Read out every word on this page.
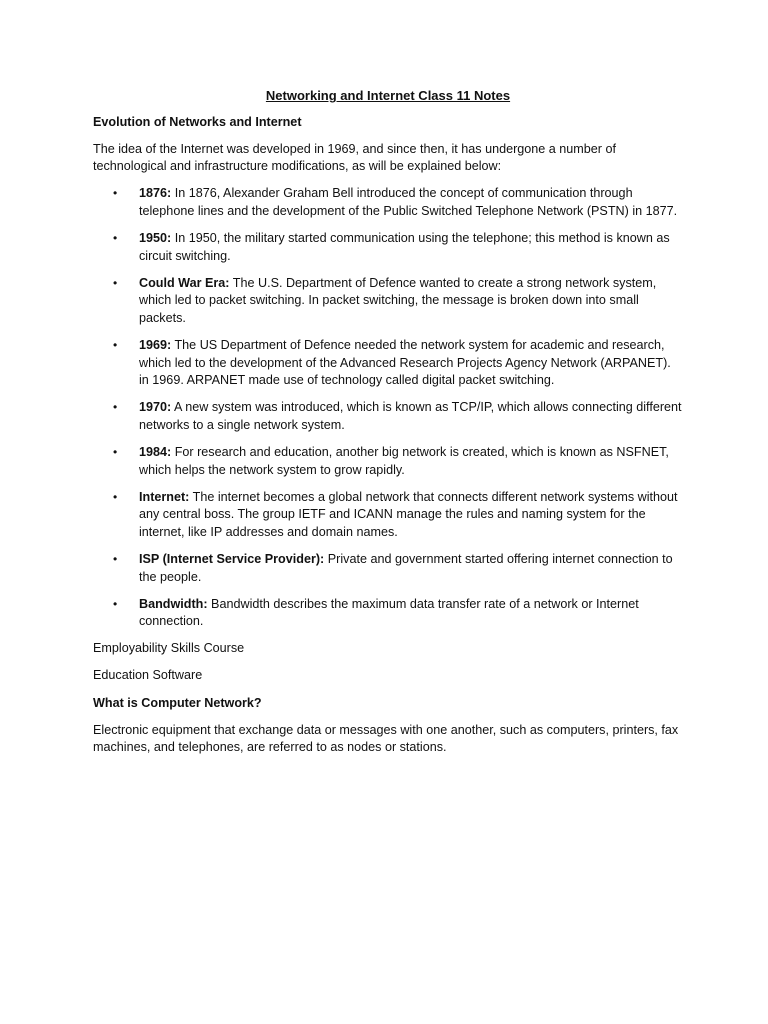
Networking and Internet Class 11 Notes
Evolution of Networks and Internet
The idea of the Internet was developed in 1969, and since then, it has undergone a number of technological and infrastructure modifications, as will be explained below:
• 1876: In 1876, Alexander Graham Bell introduced the concept of communication through telephone lines and the development of the Public Switched Telephone Network (PSTN) in 1877.
• 1950: In 1950, the military started communication using the telephone; this method is known as circuit switching.
• Could War Era: The U.S. Department of Defence wanted to create a strong network system, which led to packet switching. In packet switching, the message is broken down into small packets.
• 1969: The US Department of Defence needed the network system for academic and research, which led to the development of the Advanced Research Projects Agency Network (ARPANET). in 1969. ARPANET made use of technology called digital packet switching.
• 1970: A new system was introduced, which is known as TCP/IP, which allows connecting different networks to a single network system.
• 1984: For research and education, another big network is created, which is known as NSFNET, which helps the network system to grow rapidly.
• Internet: The internet becomes a global network that connects different network systems without any central boss. The group IETF and ICANN manage the rules and naming system for the internet, like IP addresses and domain names.
• ISP (Internet Service Provider): Private and government started offering internet connection to the people.
• Bandwidth: Bandwidth describes the maximum data transfer rate of a network or Internet connection.
Employability Skills Course
Education Software
What is Computer Network?
Electronic equipment that exchange data or messages with one another, such as computers, printers, fax machines, and telephones, are referred to as nodes or stations.
